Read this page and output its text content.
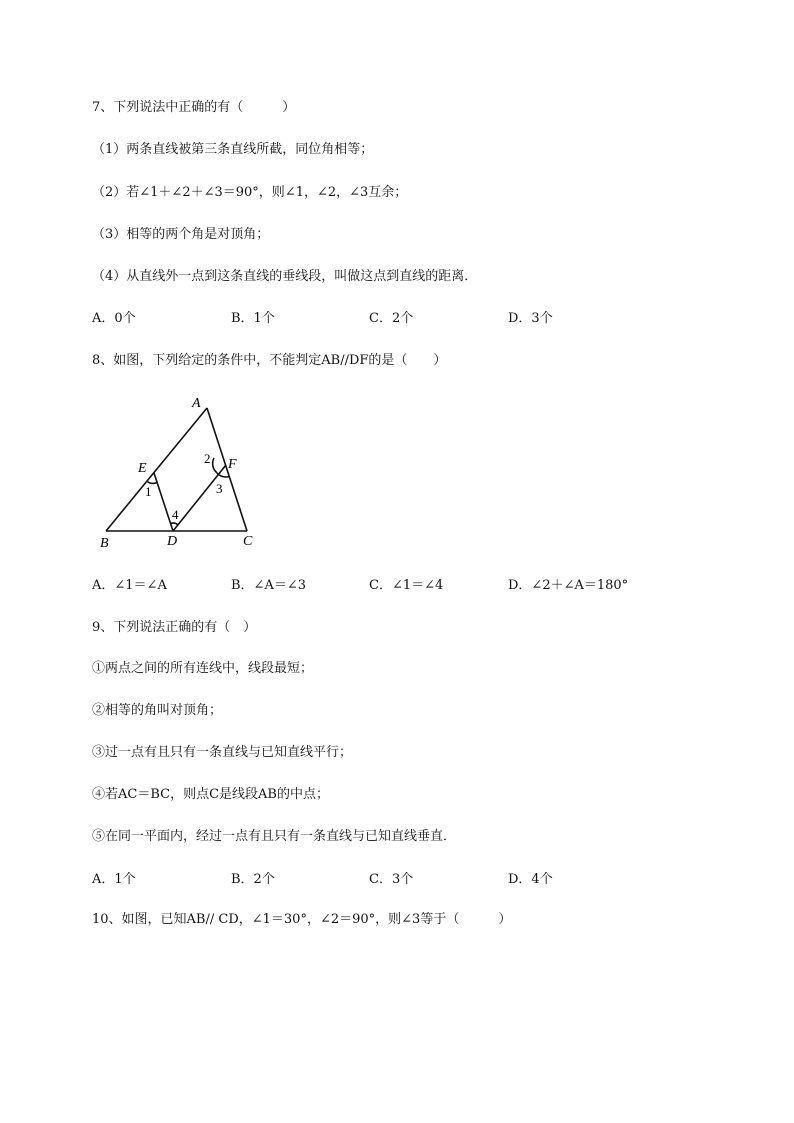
7、下列说法中正确的有（　　　）
（1）两条直线被第三条直线所截，同位角相等；
（2）若∠1＋∠2＋∠3＝90°，则∠1，∠2，∠3互余；
（3）相等的两个角是对顶角；
（4）从直线外一点到这条直线的垂线段，叫做这点到直线的距离．
A．0个	B．1个	C．2个	D．3个
8、如图，下列给定的条件中，不能判定AB//DF的是（　　）
A
B	C
D
E	F
1
2
3
4
A．∠1＝∠A	B．∠A＝∠3	C．∠1＝∠4	D．∠2＋∠A＝180°
9、下列说法正确的有（　）
①两点之间的所有连线中，线段最短；
②相等的角叫对顶角；
③过一点有且只有一条直线与已知直线平行；
④若AC＝BC，则点C是线段AB的中点；
⑤在同一平面内，经过一点有且只有一条直线与已知直线垂直．
A．1个	B．2个	C．3个	D．4个
10、如图，已知AB// CD，∠1＝30°，∠2＝90°，则∠3等于（　　　）
